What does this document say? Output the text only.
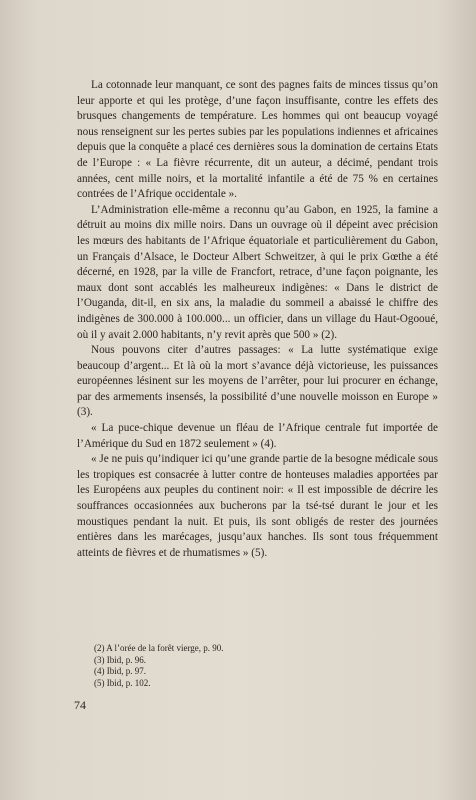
La cotonnade leur manquant, ce sont des pagnes faits de minces tissus qu’on leur apporte et qui les protège, d’une façon insuffisante, contre les effets des brusques changements de température. Les hommes qui ont beaucup voyagé nous renseignent sur les pertes subies par les populations indiennes et africaines depuis que la conquête a placé ces dernières sous la domination de certains Etats de l’Europe : « La fièvre récurrente, dit un auteur, a décimé, pendant trois années, cent mille noirs, et la mortalité infantile a été de 75 % en certaines contrées de l’Afrique occidentale ».

L’Administration elle-même a reconnu qu’au Gabon, en 1925, la famine a détruit au moins dix mille noirs. Dans un ouvrage où il dépeint avec précision les mœurs des habitants de l’Afrique équatoriale et particulièrement du Gabon, un Français d’Alsace, le Docteur Albert Schweitzer, à qui le prix Gœthe a été décerné, en 1928, par la ville de Francfort, retrace, d’une façon poignante, les maux dont sont accablés les malheureux indigènes: « Dans le district de l’Ouganda, dit-il, en six ans, la maladie du sommeil a abaissé le chiffre des indigènes de 300.000 à 100.000... un officier, dans un village du Haut-Ogooué, où il y avait 2.000 habitants, n’y revit après que 500 » (2).

Nous pouvons citer d’autres passages: « La lutte systématique exige beaucoup d’argent... Et là où la mort s’avance déjà victorieuse, les puissances européennes lésinent sur les moyens de l’arrêter, pour lui procurer en échange, par des armements insensés, la possibilité d’une nouvelle moisson en Europe » (3).

« La puce-chique devenue un fléau de l’Afrique centrale fut importée de l’Amérique du Sud en 1872 seulement » (4).

« Je ne puis qu’indiquer ici qu’une grande partie de la besogne médicale sous les tropiques est consacrée à lutter contre de honteuses maladies apportées par les Européens aux peuples du continent noir: « Il est impossible de décrire les souffrances occasionnées aux bucherons par la tsé-tsé durant le jour et les moustiques pendant la nuit. Et puis, ils sont obligés de rester des journées entières dans les marécages, jusqu’aux hanches. Ils sont tous fréquemment atteints de fièvres et de rhumatismes » (5).

(2) A l’orée de la forêt vierge, p. 90.
(3) Ibid, p. 96.
(4) Ibid, p. 97.
(5) Ibid, p. 102.
74
